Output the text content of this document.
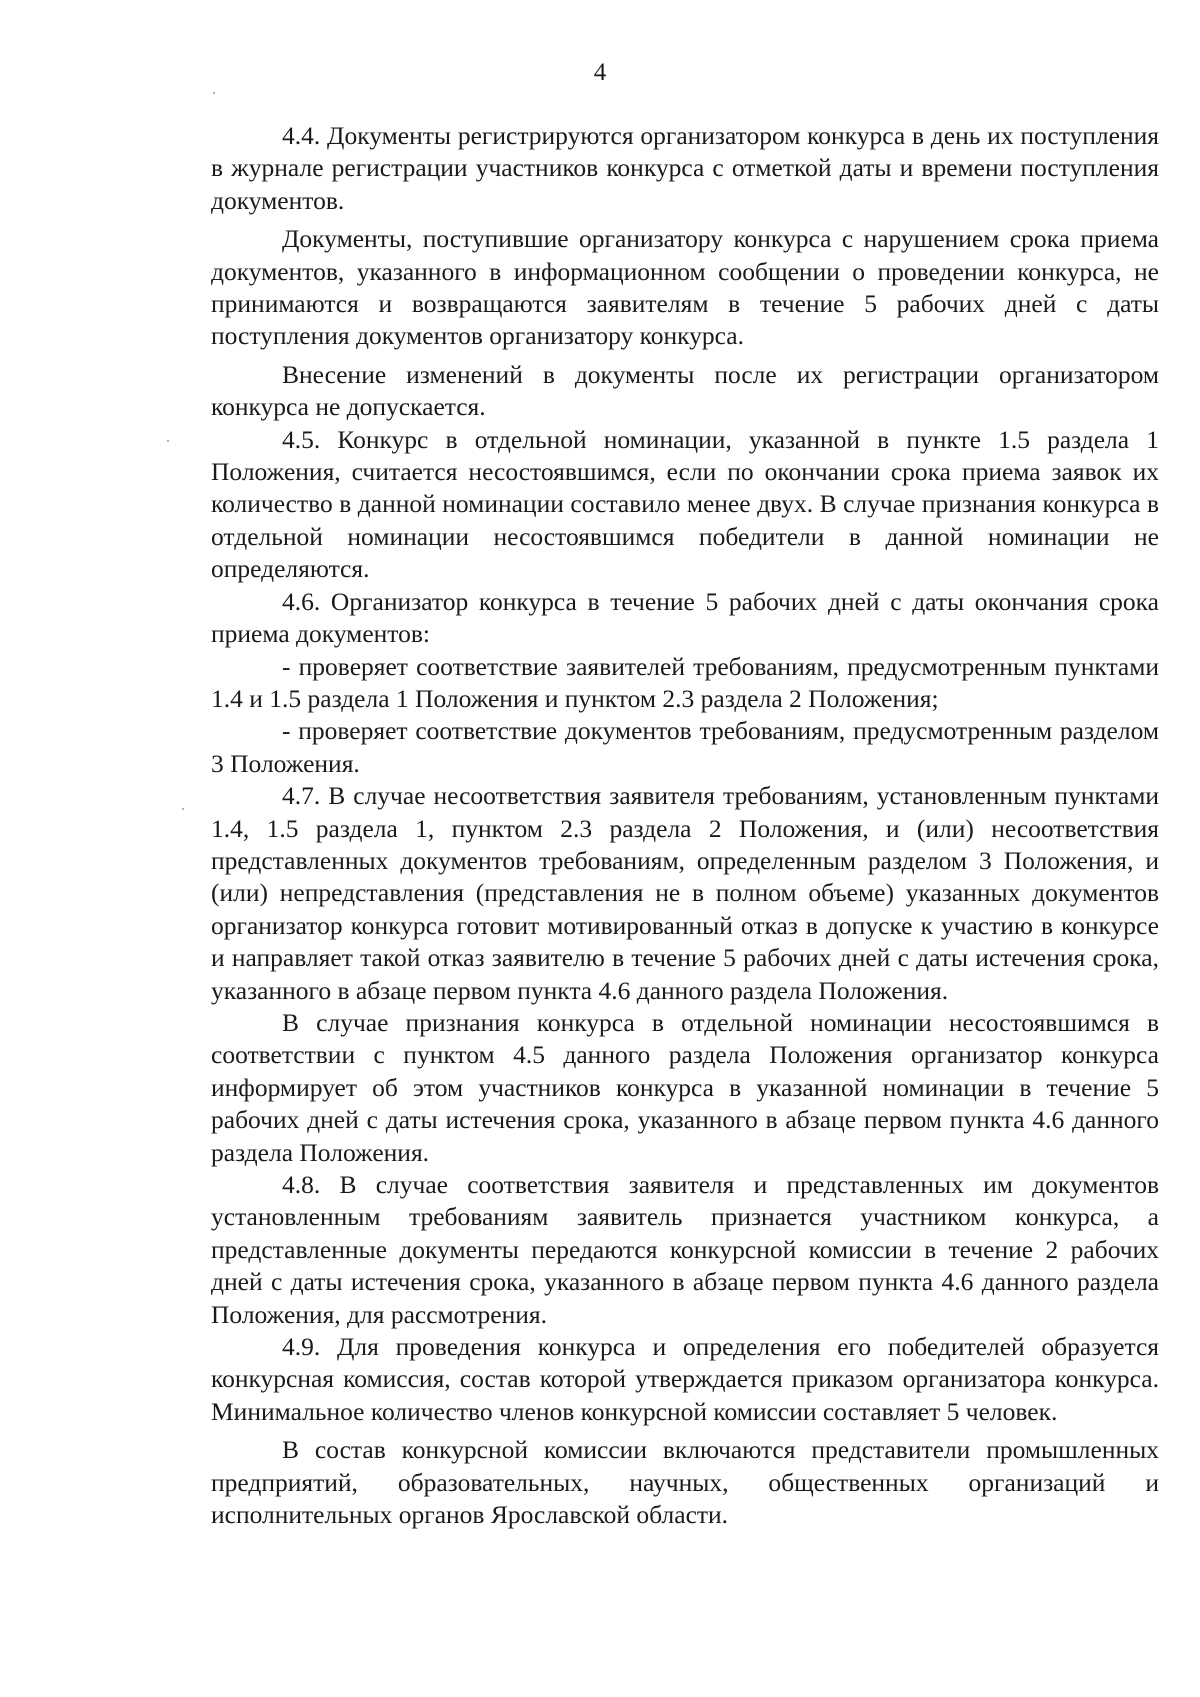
4

4.4. Документы регистрируются организатором конкурса в день их поступления в журнале регистрации участников конкурса с отметкой даты и времени поступления документов.

Документы, поступившие организатору конкурса с нарушением срока приема документов, указанного в информационном сообщении о проведении конкурса, не принимаются и возвращаются заявителям в течение 5 рабочих дней с даты поступления документов организатору конкурса.

Внесение изменений в документы после их регистрации организатором конкурса не допускается.

4.5. Конкурс в отдельной номинации, указанной в пункте 1.5 раздела 1 Положения, считается несостоявшимся, если по окончании срока приема заявок их количество в данной номинации составило менее двух. В случае признания конкурса в отдельной номинации несостоявшимся победители в данной номинации не определяются.

4.6. Организатор конкурса в течение 5 рабочих дней с даты окончания срока приема документов:

- проверяет соответствие заявителей требованиям, предусмотренным пунктами 1.4 и 1.5 раздела 1 Положения и пунктом 2.3 раздела 2 Положения;

- проверяет соответствие документов требованиям, предусмотренным разделом 3 Положения.

4.7. В случае несоответствия заявителя требованиям, установленным пунктами 1.4, 1.5 раздела 1, пунктом 2.3 раздела 2 Положения, и (или) несоответствия представленных документов требованиям, определенным разделом 3 Положения, и (или) непредставления (представления не в полном объеме) указанных документов организатор конкурса готовит мотивированный отказ в допуске к участию в конкурсе и направляет такой отказ заявителю в течение 5 рабочих дней с даты истечения срока, указанного в абзаце первом пункта 4.6 данного раздела Положения.

В случае признания конкурса в отдельной номинации несостоявшимся в соответствии с пунктом 4.5 данного раздела Положения организатор конкурса информирует об этом участников конкурса в указанной номинации в течение 5 рабочих дней с даты истечения срока, указанного в абзаце первом пункта 4.6 данного раздела Положения.

4.8. В случае соответствия заявителя и представленных им документов установленным требованиям заявитель признается участником конкурса, а представленные документы передаются конкурсной комиссии в течение 2 рабочих дней с даты истечения срока, указанного в абзаце первом пункта 4.6 данного раздела Положения, для рассмотрения.

4.9. Для проведения конкурса и определения его победителей образуется конкурсная комиссия, состав которой утверждается приказом организатора конкурса. Минимальное количество членов конкурсной комиссии составляет 5 человек.

В состав конкурсной комиссии включаются представители промышленных предприятий, образовательных, научных, общественных организаций и исполнительных органов Ярославской области.
